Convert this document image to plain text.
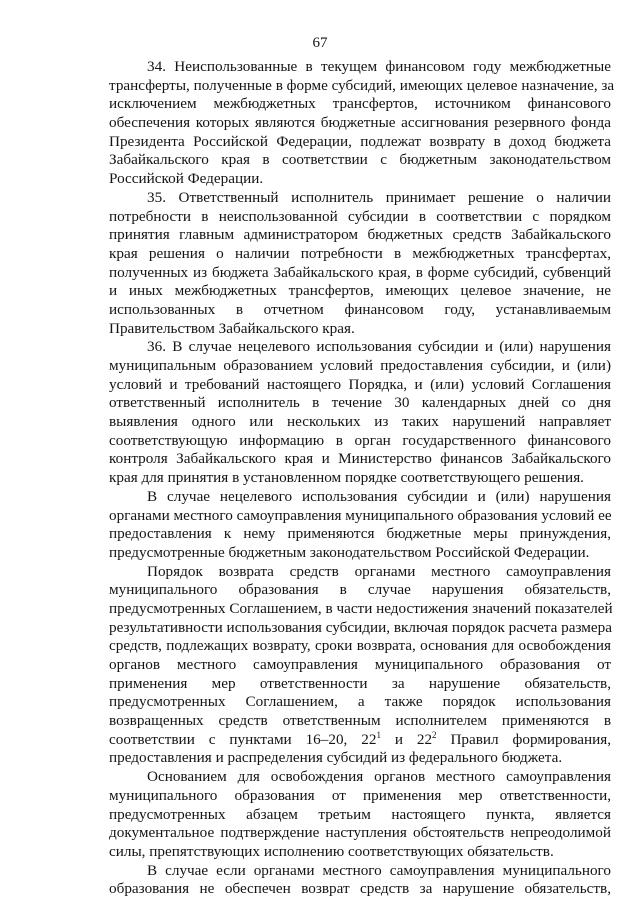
67
34. Неиспользованные в текущем финансовом году межбюджетные
трансферты, полученные в форме субсидий, имеющих целевое назначение, за
исключением межбюджетных трансфертов, источником финансового
обеспечения которых являются бюджетные ассигнования резервного фонда
Президента Российской Федерации, подлежат возврату в доход бюджета
Забайкальского края в соответствии с бюджетным законодательством
Российской Федерации.
35. Ответственный исполнитель принимает решение о наличии
потребности в неиспользованной субсидии в соответствии с порядком
принятия главным администратором бюджетных средств Забайкальского
края решения о наличии потребности в межбюджетных трансфертах,
полученных из бюджета Забайкальского края, в форме субсидий, субвенций
и иных межбюджетных трансфертов, имеющих целевое значение, не
использованных в отчетном финансовом году, устанавливаемым
Правительством Забайкальского края.
36. В случае нецелевого использования субсидии и (или) нарушения
муниципальным образованием условий предоставления субсидии, и (или)
условий и требований настоящего Порядка, и (или) условий Соглашения
ответственный исполнитель в течение 30 календарных дней со дня
выявления одного или нескольких из таких нарушений направляет
соответствующую информацию в орган государственного финансового
контроля Забайкальского края и Министерство финансов Забайкальского
края для принятия в установленном порядке соответствующего решения.
В случае нецелевого использования субсидии и (или) нарушения
органами местного самоуправления муниципального образования условий ее
предоставления к нему применяются бюджетные меры принуждения,
предусмотренные бюджетным законодательством Российской Федерации.
Порядок возврата средств органами местного самоуправления
муниципального образования в случае нарушения обязательств,
предусмотренных Соглашением, в части недостижения значений показателей
результативности использования субсидии, включая порядок расчета размера
средств, подлежащих возврату, сроки возврата, основания для освобождения
органов местного самоуправления муниципального образования от
применения мер ответственности за нарушение обязательств,
предусмотренных Соглашением, а также порядок использования
возвращенных средств ответственным исполнителем применяются в
соответствии с пунктами 16–20, $22^1$ и $22^2$ Правил формирования,
предоставления и распределения субсидий из федерального бюджета.
Основанием для освобождения органов местного самоуправления
муниципального образования от применения мер ответственности,
предусмотренных абзацем третьим настоящего пункта, является
документальное подтверждение наступления обстоятельств непреодолимой
силы, препятствующих исполнению соответствующих обязательств.
В случае если органами местного самоуправления муниципального
образования не обеспечен возврат средств за нарушение обязательств,
